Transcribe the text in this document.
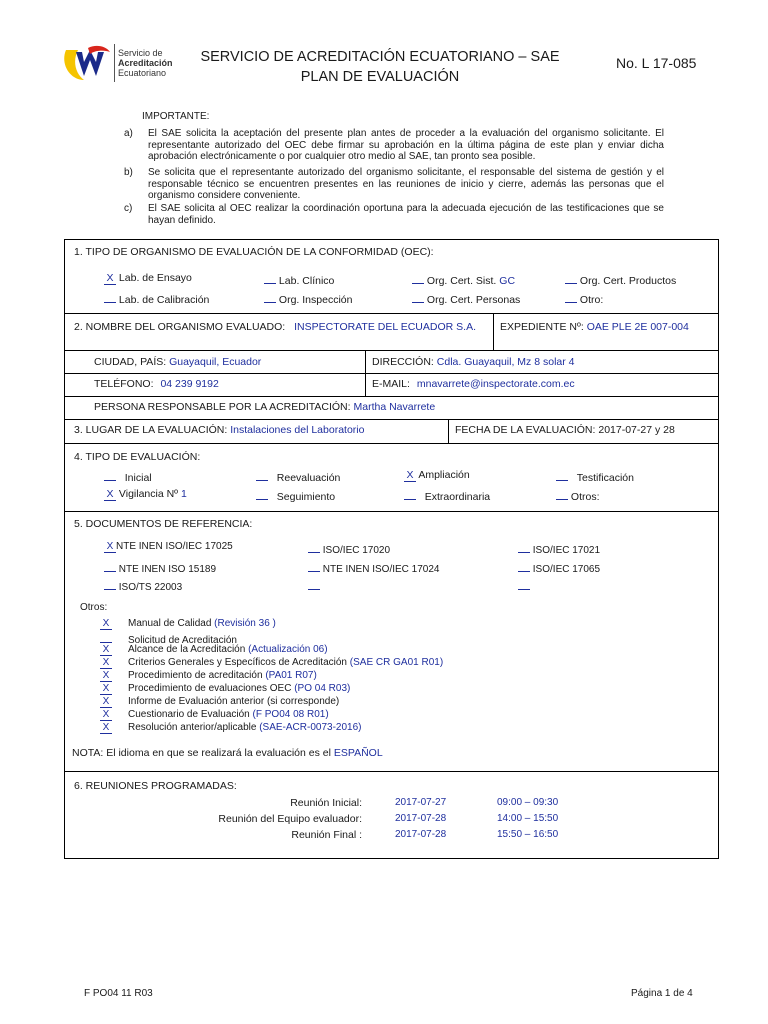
Servicio de
Acreditación
Ecuatoriano
SERVICIO DE ACREDITACIÓN ECUATORIANO – SAE
PLAN DE EVALUACIÓN
No. L 17-085
IMPORTANTE:
a) El SAE solicita la aceptación del presente plan antes de proceder a la evaluación del organismo solicitante. El representante autorizado del OEC debe firmar su aprobación en la última página de este plan y enviar dicha aprobación electrónicamente o por cualquier otro medio al SAE, tan pronto sea posible.
b) Se solicita que el representante autorizado del organismo solicitante, el responsable del sistema de gestión y el responsable técnico se encuentren presentes en las reuniones de inicio y cierre, además las personas que el organismo considere conveniente.
c) El SAE solicita al OEC realizar la coordinación oportuna para la adecuada ejecución de las testificaciones que se hayan definido.
1. TIPO DE ORGANISMO DE EVALUACIÓN DE LA CONFORMIDAD (OEC):
X Lab. de Ensayo	Lab. Clínico	Org. Cert. Sist. GC	Org. Cert. Productos
Lab. de Calibración	Org. Inspección	Org. Cert. Personas	Otro:
2. NOMBRE DEL ORGANISMO EVALUADO: INSPECTORATE DEL ECUADOR S.A. EXPEDIENTE Nº: OAE PLE 2E 007-004
CIUDAD, PAÍS: Guayaquil, Ecuador	DIRECCIÓN: Cdla. Guayaquil, Mz 8 solar 4
TELÉFONO: 04 239 9192	E-MAIL: mnavarrete@inspectorate.com.ec
PERSONA RESPONSABLE POR LA ACREDITACIÓN: Martha Navarrete
3. LUGAR DE LA EVALUACIÓN: Instalaciones del Laboratorio	FECHA DE LA EVALUACIÓN: 2017-07-27 y 28
4. TIPO DE EVALUACIÓN:
Inicial	Reevaluación	X Ampliación	Testificación
X Vigilancia Nº 1	Seguimiento	Extraordinaria	Otros:
5. DOCUMENTOS DE REFERENCIA:
X NTE INEN ISO/IEC 17025	ISO/IEC 17020	ISO/IEC 17021
NTE INEN ISO 15189	NTE INEN ISO/IEC 17024	ISO/IEC 17065
ISO/TS 22003
Otros:
X Manual de Calidad (Revisión 36 )
Solicitud de Acreditación
X Alcance de la Acreditación (Actualización 06)
X Criterios Generales y Específicos de Acreditación (SAE CR GA01 R01)
X Procedimiento de acreditación (PA01 R07)
X Procedimiento de evaluaciones OEC (PO 04 R03)
X Informe de Evaluación anterior (si corresponde)
X Cuestionario de Evaluación (F PO04 08 R01)
X Resolución anterior/aplicable (SAE-ACR-0073-2016)
NOTA: El idioma en que se realizará la evaluación es el ESPAÑOL
6. REUNIONES PROGRAMADAS:
Reunión Inicial:	2017-07-27	09:00 – 09:30
Reunión del Equipo evaluador:	2017-07-28	14:00 – 15:50
Reunión Final :	2017-07-28	15:50 – 16:50
F PO04 11 R03	Página 1 de 4
